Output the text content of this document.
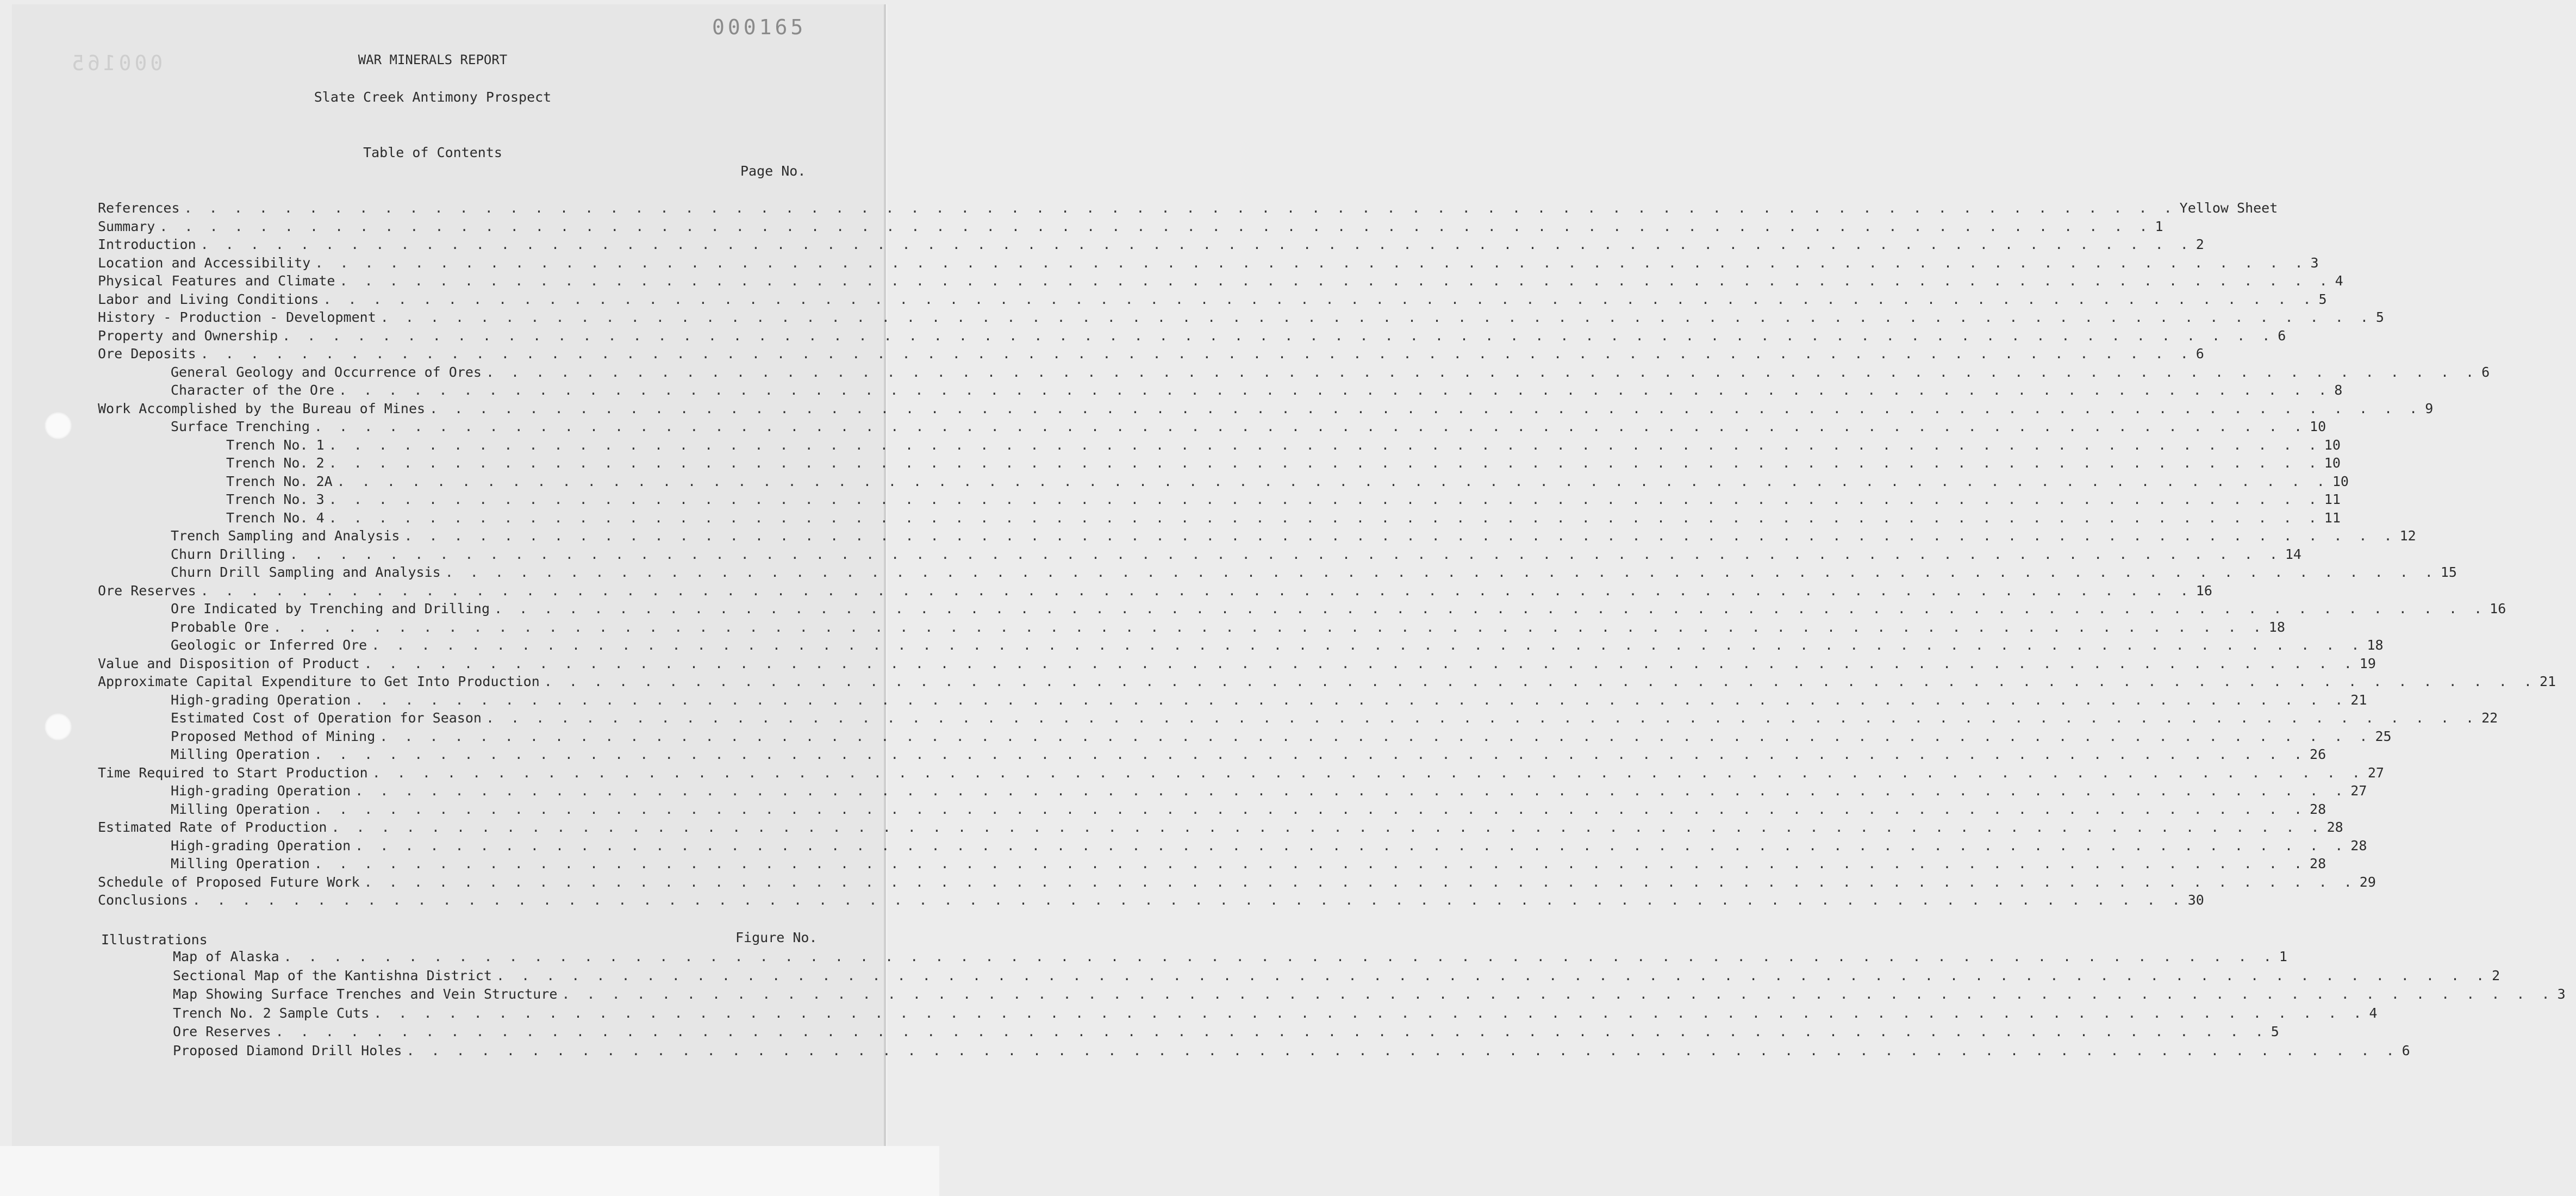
000165
000165	WAR MINERALS REPORT
Slate Creek Antimony Prospect
Table of Contents
Page No.
References . . . . . . . . . . . . . . . . . . . . . . . . . . . . . . . . . . . . . . . . . . . . . . . . . . . . . . . . . . . . . . . . . . . . . . . . . . . . . . . . Yellow Sheet
Summary . . . . . . . . . . . . . . . . . . . . . . . . . . . . . . . . . . . . . . . . . . . . . . . . . . . . . . . . . . . . . . . . . . . . . . . . . . . . . . . . 1
Introduction . . . . . . . . . . . . . . . . . . . . . . . . . . . . . . . . . . . . . . . . . . . . . . . . . . . . . . . . . . . . . . . . . . . . . . . . . . . . . . . . 2
Location and Accessibility . . . . . . . . . . . . . . . . . . . . . . . . . . . . . . . . . . . . . . . . . . . . . . . . . . . . . . . . . . . . . . . . . . . . . . . . . . . . . . . . 3
Physical Features and Climate . . . . . . . . . . . . . . . . . . . . . . . . . . . . . . . . . . . . . . . . . . . . . . . . . . . . . . . . . . . . . . . . . . . . . . . . . . . . . . . . 4
Labor and Living Conditions . . . . . . . . . . . . . . . . . . . . . . . . . . . . . . . . . . . . . . . . . . . . . . . . . . . . . . . . . . . . . . . . . . . . . . . . . . . . . . . . 5
History - Production - Development . . . . . . . . . . . . . . . . . . . . . . . . . . . . . . . . . . . . . . . . . . . . . . . . . . . . . . . . . . . . . . . . . . . . . . . . . . . . . . . . 5
Property and Ownership . . . . . . . . . . . . . . . . . . . . . . . . . . . . . . . . . . . . . . . . . . . . . . . . . . . . . . . . . . . . . . . . . . . . . . . . . . . . . . . . 6
Ore Deposits . . . . . . . . . . . . . . . . . . . . . . . . . . . . . . . . . . . . . . . . . . . . . . . . . . . . . . . . . . . . . . . . . . . . . . . . . . . . . . . . 6
General Geology and Occurrence of Ores . . . . . . . . . . . . . . . . . . . . . . . . . . . . . . . . . . . . . . . . . . . . . . . . . . . . . . . . . . . . . . . . . . . . . . . . . . . . . . . . 6
Character of the Ore . . . . . . . . . . . . . . . . . . . . . . . . . . . . . . . . . . . . . . . . . . . . . . . . . . . . . . . . . . . . . . . . . . . . . . . . . . . . . . . . 8
Work Accomplished by the Bureau of Mines . . . . . . . . . . . . . . . . . . . . . . . . . . . . . . . . . . . . . . . . . . . . . . . . . . . . . . . . . . . . . . . . . . . . . . . . . . . . . . . . 9
Surface Trenching . . . . . . . . . . . . . . . . . . . . . . . . . . . . . . . . . . . . . . . . . . . . . . . . . . . . . . . . . . . . . . . . . . . . . . . . . . . . . . . . 10
Trench No. 1 . . . . . . . . . . . . . . . . . . . . . . . . . . . . . . . . . . . . . . . . . . . . . . . . . . . . . . . . . . . . . . . . . . . . . . . . . . . . . . . . 10
Trench No. 2 . . . . . . . . . . . . . . . . . . . . . . . . . . . . . . . . . . . . . . . . . . . . . . . . . . . . . . . . . . . . . . . . . . . . . . . . . . . . . . . . 10
Trench No. 2A . . . . . . . . . . . . . . . . . . . . . . . . . . . . . . . . . . . . . . . . . . . . . . . . . . . . . . . . . . . . . . . . . . . . . . . . . . . . . . . . 10
Trench No. 3 . . . . . . . . . . . . . . . . . . . . . . . . . . . . . . . . . . . . . . . . . . . . . . . . . . . . . . . . . . . . . . . . . . . . . . . . . . . . . . . . 11
Trench No. 4 . . . . . . . . . . . . . . . . . . . . . . . . . . . . . . . . . . . . . . . . . . . . . . . . . . . . . . . . . . . . . . . . . . . . . . . . . . . . . . . . 11
Trench Sampling and Analysis . . . . . . . . . . . . . . . . . . . . . . . . . . . . . . . . . . . . . . . . . . . . . . . . . . . . . . . . . . . . . . . . . . . . . . . . . . . . . . . . 12
Churn Drilling . . . . . . . . . . . . . . . . . . . . . . . . . . . . . . . . . . . . . . . . . . . . . . . . . . . . . . . . . . . . . . . . . . . . . . . . . . . . . . . . 14
Churn Drill Sampling and Analysis . . . . . . . . . . . . . . . . . . . . . . . . . . . . . . . . . . . . . . . . . . . . . . . . . . . . . . . . . . . . . . . . . . . . . . . . . . . . . . . . 15
Ore Reserves . . . . . . . . . . . . . . . . . . . . . . . . . . . . . . . . . . . . . . . . . . . . . . . . . . . . . . . . . . . . . . . . . . . . . . . . . . . . . . . . 16
Ore Indicated by Trenching and Drilling . . . . . . . . . . . . . . . . . . . . . . . . . . . . . . . . . . . . . . . . . . . . . . . . . . . . . . . . . . . . . . . . . . . . . . . . . . . . . . . . 16
Probable Ore . . . . . . . . . . . . . . . . . . . . . . . . . . . . . . . . . . . . . . . . . . . . . . . . . . . . . . . . . . . . . . . . . . . . . . . . . . . . . . . . 18
Geologic or Inferred Ore . . . . . . . . . . . . . . . . . . . . . . . . . . . . . . . . . . . . . . . . . . . . . . . . . . . . . . . . . . . . . . . . . . . . . . . . . . . . . . . . 18
Value and Disposition of Product . . . . . . . . . . . . . . . . . . . . . . . . . . . . . . . . . . . . . . . . . . . . . . . . . . . . . . . . . . . . . . . . . . . . . . . . . . . . . . . . 19
Approximate Capital Expenditure to Get Into Production . . . . . . . . . . . . . . . . . . . . . . . . . . . . . . . . . . . . . . . . . . . . . . . . . . . . . . . . . . . . . . . . . . . . . . . . . . . . . . . . 21
High-grading Operation . . . . . . . . . . . . . . . . . . . . . . . . . . . . . . . . . . . . . . . . . . . . . . . . . . . . . . . . . . . . . . . . . . . . . . . . . . . . . . . . 21
Estimated Cost of Operation for Season . . . . . . . . . . . . . . . . . . . . . . . . . . . . . . . . . . . . . . . . . . . . . . . . . . . . . . . . . . . . . . . . . . . . . . . . . . . . . . . . 22
Proposed Method of Mining . . . . . . . . . . . . . . . . . . . . . . . . . . . . . . . . . . . . . . . . . . . . . . . . . . . . . . . . . . . . . . . . . . . . . . . . . . . . . . . . 25
Milling Operation . . . . . . . . . . . . . . . . . . . . . . . . . . . . . . . . . . . . . . . . . . . . . . . . . . . . . . . . . . . . . . . . . . . . . . . . . . . . . . . . 26
Time Required to Start Production . . . . . . . . . . . . . . . . . . . . . . . . . . . . . . . . . . . . . . . . . . . . . . . . . . . . . . . . . . . . . . . . . . . . . . . . . . . . . . . . 27
High-grading Operation . . . . . . . . . . . . . . . . . . . . . . . . . . . . . . . . . . . . . . . . . . . . . . . . . . . . . . . . . . . . . . . . . . . . . . . . . . . . . . . . 27
Milling Operation . . . . . . . . . . . . . . . . . . . . . . . . . . . . . . . . . . . . . . . . . . . . . . . . . . . . . . . . . . . . . . . . . . . . . . . . . . . . . . . . 28
Estimated Rate of Production . . . . . . . . . . . . . . . . . . . . . . . . . . . . . . . . . . . . . . . . . . . . . . . . . . . . . . . . . . . . . . . . . . . . . . . . . . . . . . . . 28
High-grading Operation . . . . . . . . . . . . . . . . . . . . . . . . . . . . . . . . . . . . . . . . . . . . . . . . . . . . . . . . . . . . . . . . . . . . . . . . . . . . . . . . 28
Milling Operation . . . . . . . . . . . . . . . . . . . . . . . . . . . . . . . . . . . . . . . . . . . . . . . . . . . . . . . . . . . . . . . . . . . . . . . . . . . . . . . . 28
Schedule of Proposed Future Work . . . . . . . . . . . . . . . . . . . . . . . . . . . . . . . . . . . . . . . . . . . . . . . . . . . . . . . . . . . . . . . . . . . . . . . . . . . . . . . . 29
Conclusions . . . . . . . . . . . . . . . . . . . . . . . . . . . . . . . . . . . . . . . . . . . . . . . . . . . . . . . . . . . . . . . . . . . . . . . . . . . . . . . . 30
Illustrations	Figure No.
Map of Alaska . . . . . . . . . . . . . . . . . . . . . . . . . . . . . . . . . . . . . . . . . . . . . . . . . . . . . . . . . . . . . . . . . . . . . . . . . . . . . . . . 1
Sectional Map of the Kantishna District . . . . . . . . . . . . . . . . . . . . . . . . . . . . . . . . . . . . . . . . . . . . . . . . . . . . . . . . . . . . . . . . . . . . . . . . . . . . . . . . 2
Map Showing Surface Trenches and Vein Structure . . . . . . . . . . . . . . . . . . . . . . . . . . . . . . . . . . . . . . . . . . . . . . . . . . . . . . . . . . . . . . . . . . . . . . . . . . . . . . . . 3
Trench No. 2 Sample Cuts . . . . . . . . . . . . . . . . . . . . . . . . . . . . . . . . . . . . . . . . . . . . . . . . . . . . . . . . . . . . . . . . . . . . . . . . . . . . . . . . 4
Ore Reserves . . . . . . . . . . . . . . . . . . . . . . . . . . . . . . . . . . . . . . . . . . . . . . . . . . . . . . . . . . . . . . . . . . . . . . . . . . . . . . . . 5
Proposed Diamond Drill Holes . . . . . . . . . . . . . . . . . . . . . . . . . . . . . . . . . . . . . . . . . . . . . . . . . . . . . . . . . . . . . . . . . . . . . . . . . . . . . . . . 6
